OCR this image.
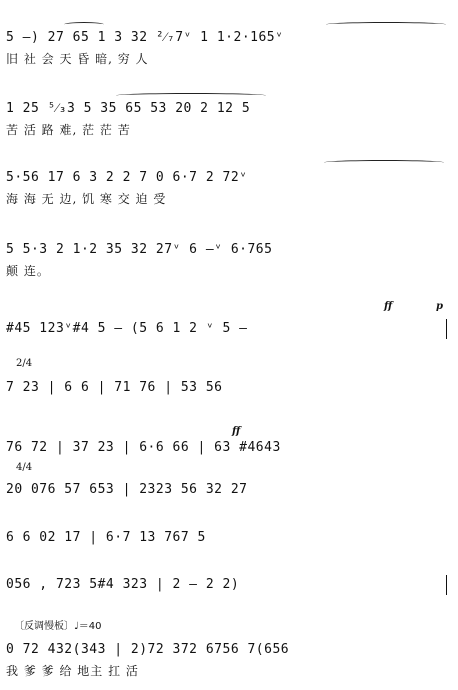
5 —) 27 65 1 3 32 ²⁄₇7ᵛ 1 1·2·165ᵛ
旧 社 会 天 昏 暗, 穷 人
1 25 ⁵⁄₃3 5 35 65 53 20 2 12 5
苦 活 路 难, 茫 茫 苦
5·56 17 6 3 2 2 7 0 6·7 2 72ᵛ
海 海 无 边, 饥 寒 交 迫 受
5 5·3 2 1·2 35 32 27ᵛ 6 —ᵛ 6·765
颠 连。
#45 123ᵛ#4 5 — (5 6 1 2 ᵛ 5 —
ff	p
2/4
7 23 | 6 6 | 71 76 | 53 56
76 72 | 37 23 | 6·6 66 | 63 #4643
ff
4/4
20 076 57 653 | 2323 56 32 27
6 6 02 17 | 6·7 13 767 5
056 , 723 5#4 323 | 2 — 2 2)
〔反调慢板〕♩＝40
0 72 432(343 | 2)72 372 6756 7(656
我 爹 爹 给 地主 扛 活
